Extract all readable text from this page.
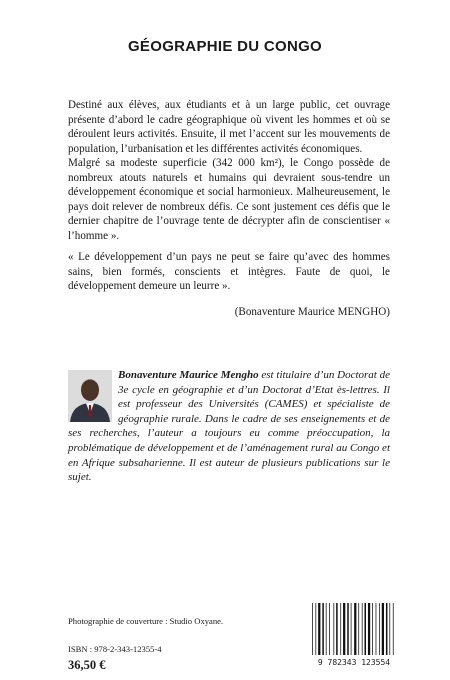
GÉOGRAPHIE DU CONGO

Destiné aux élèves, aux étudiants et à un large public, cet ouvrage présente d’abord le cadre géographique où vivent les hommes et où se déroulent leurs activités. Ensuite, il met l’accent sur les mouvements de population, l’urbanisation et les différentes activités économiques.

Malgré sa modeste superficie (342 000 km²), le Congo possède de nombreux atouts naturels et humains qui devraient sous-tendre un développement économique et social harmonieux. Malheureusement, le pays doit relever de nombreux défis. Ce sont justement ces défis que le dernier chapitre de l’ouvrage tente de décrypter afin de conscientiser « l’homme ».

« Le développement d’un pays ne peut se faire qu’avec des hommes sains, bien formés, conscients et intègres. Faute de quoi, le développement demeure un leurre ».
(Bonaventure Maurice MENGHO)
Bonaventure Maurice Mengho est titulaire d’un Doctorat de 3e cycle en géographie et d’un Doctorat d’Etat ès-lettres. Il est professeur des Universités (CAMES) et spécialiste de géographie rurale. Dans le cadre de ses enseignements et de ses recherches, l’auteur a toujours eu comme préoccupation, la problématique de développement et de l’aménagement rural au Congo et en Afrique subsaharienne. Il est auteur de plusieurs publications sur le sujet.
Photographie de couverture : Studio Oxyane.
ISBN : 978-2-343-12355-4
36,50 €	9 782343 123554
